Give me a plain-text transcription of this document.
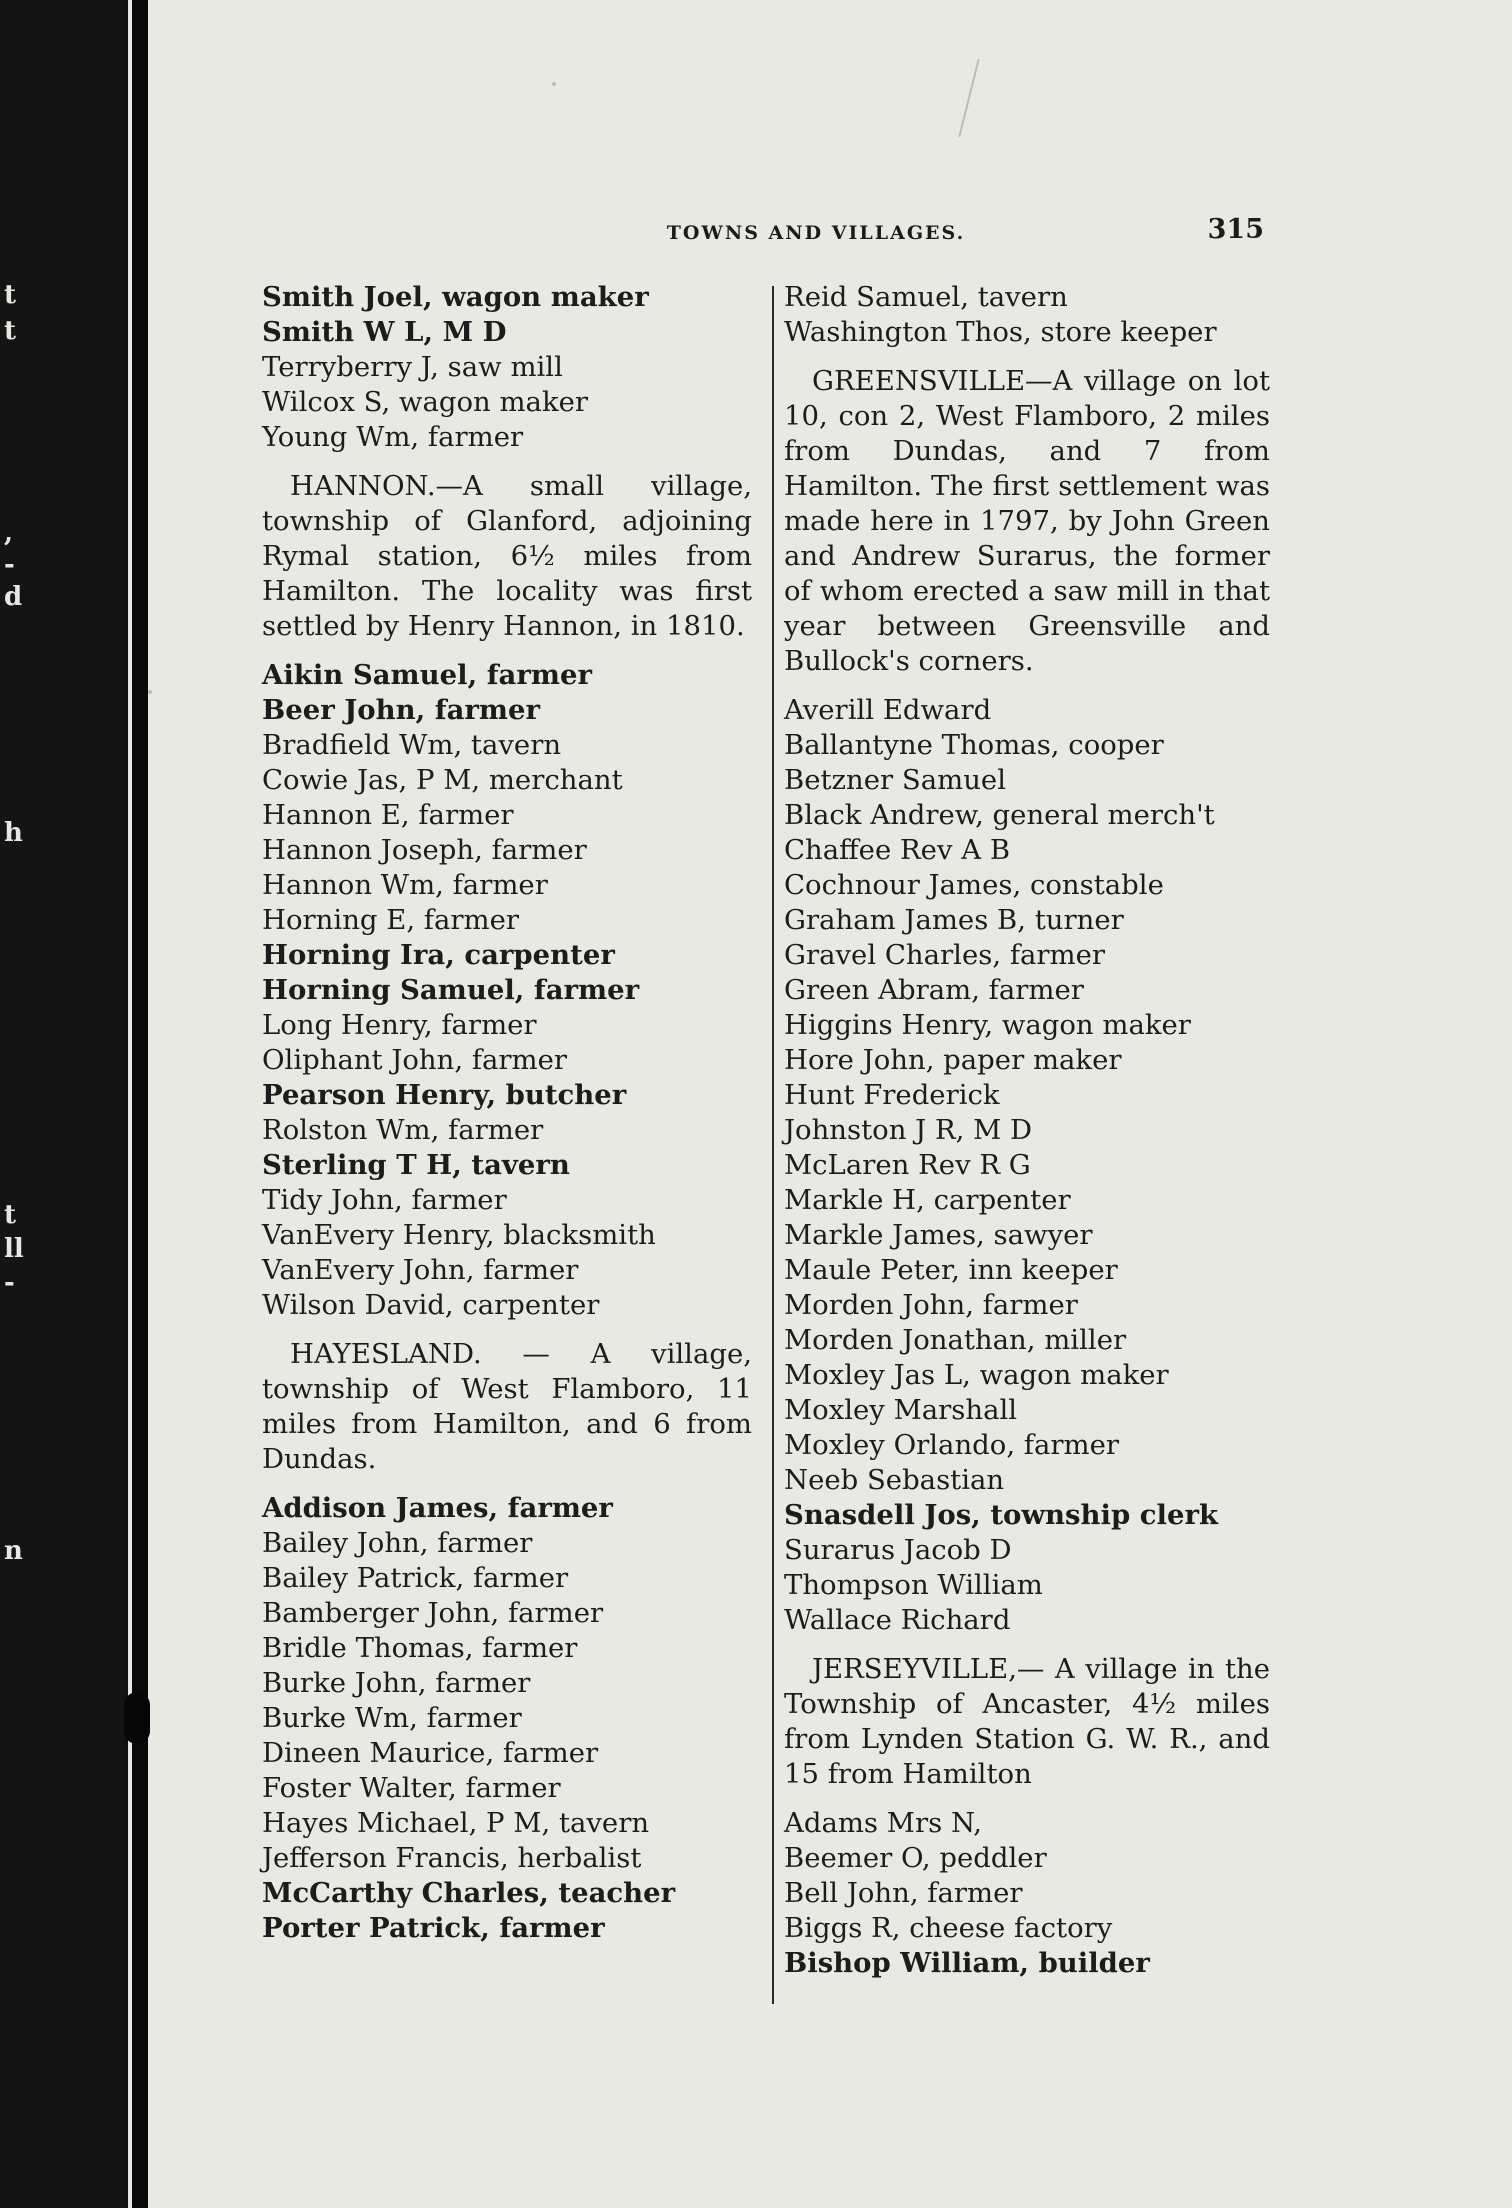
t
t
,
-
d
h
t
ll
-
n
TOWNS AND VILLAGES.	315
Smith Joel, wagon maker
Smith W L, M D
Terryberry J, saw mill
Wilcox S, wagon maker
Young Wm, farmer
HANNON.—A small village, township of Glanford, adjoining Rymal station, 6½ miles from Hamilton. The locality was first settled by Henry Hannon, in 1810.
Aikin Samuel, farmer
Beer John, farmer
Bradfield Wm, tavern
Cowie Jas, P M, merchant
Hannon E, farmer
Hannon Joseph, farmer
Hannon Wm, farmer
Horning E, farmer
Horning Ira, carpenter
Horning Samuel, farmer
Long Henry, farmer
Oliphant John, farmer
Pearson Henry, butcher
Rolston Wm, farmer
Sterling T H, tavern
Tidy John, farmer
VanEvery Henry, blacksmith
VanEvery John, farmer
Wilson David, carpenter
HAYESLAND. — A village, township of West Flamboro, 11 miles from Hamilton, and 6 from Dundas.
Addison James, farmer
Bailey John, farmer
Bailey Patrick, farmer
Bamberger John, farmer
Bridle Thomas, farmer
Burke John, farmer
Burke Wm, farmer
Dineen Maurice, farmer
Foster Walter, farmer
Hayes Michael, P M, tavern
Jefferson Francis, herbalist
McCarthy Charles, teacher
Porter Patrick, farmer
Reid Samuel, tavern
Washington Thos, store keeper
GREENSVILLE—A village on lot 10, con 2, West Flamboro, 2 miles from Dundas, and 7 from Hamilton. The first settlement was made here in 1797, by John Green and Andrew Surarus, the former of whom erected a saw mill in that year between Greensville and Bullock's corners.
Averill Edward
Ballantyne Thomas, cooper
Betzner Samuel
Black Andrew, general merch't
Chaffee Rev A B
Cochnour James, constable
Graham James B, turner
Gravel Charles, farmer
Green Abram, farmer
Higgins Henry, wagon maker
Hore John, paper maker
Hunt Frederick
Johnston J R, M D
McLaren Rev R G
Markle H, carpenter
Markle James, sawyer
Maule Peter, inn keeper
Morden John, farmer
Morden Jonathan, miller
Moxley Jas L, wagon maker
Moxley Marshall
Moxley Orlando, farmer
Neeb Sebastian
Snasdell Jos, township clerk
Surarus Jacob D
Thompson William
Wallace Richard
JERSEYVILLE,— A village in the Township of Ancaster, 4½ miles from Lynden Station G. W. R., and 15 from Hamilton
Adams Mrs N,
Beemer O, peddler
Bell John, farmer
Biggs R, cheese factory
Bishop William, builder
